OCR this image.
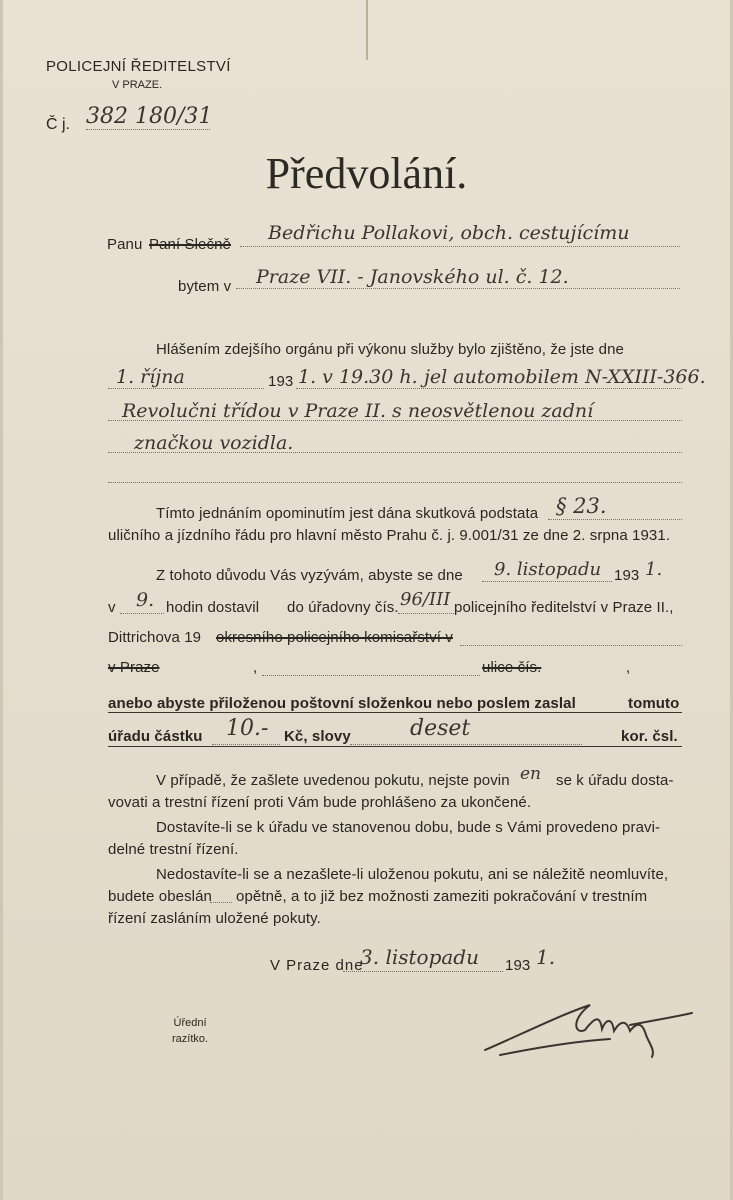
POLICEJNÍ ŘEDITELSTVÍ
V PRAZE.
Č j. 382 180/31
Předvolání.
Panu Paní Slečně
Bedřichu Pollakovi, obch. cestujícímu
bytem v Praze VII. - Janovského ul. č. 12.
Hlášením zdejšího orgánu při výkonu služby bylo zjištěno, že jste dne
1. října	193 1. v 19.30 h. jel automobilem N-XXIII-366.
Revolučni třídou v Praze II. s neosvětlenou zadní
značkou vozidla.
Tímto jednáním opominutím jest dána skutková podstata § 23.
uličního a jízdního řádu pro hlavní město Prahu č. j. 9.001/31 ze dne 2. srpna 1931.
Z tohoto důvodu Vás vyzývám, abyste se dne 9. listopadu 193 1.
v 9. hodin dostavil do úřadovny čís. 96/III policejního ředitelství v Praze II.,
Dittrichova 19 okresního policejního komisařství v
v Praze	,	ulice čís.	,
anebo abyste přiloženou poštovní složenkou nebo poslem zaslal	tomuto
úřadu částku 10.- Kč, slovy	deset	kor. čsl.
V případě, že zašlete uvedenou pokutu, nejste povin en se k úřadu dosta-
vovati a trestní řízení proti Vám bude prohlášeno za ukončené.
Dostavíte-li se k úřadu ve stanovenou dobu, bude s Vámi provedeno pravi-
delné trestní řízení.
Nedostavíte-li se a nezašlete-li uloženou pokutu, ani se náležitě neomluvíte,
budete obeslán opětně, a to již bez možnosti zameziti pokračování v trestním
řízení zasláním uložené pokuty.
V Praze dne
3. listopadu 193 1.
Úřední
razítko.
